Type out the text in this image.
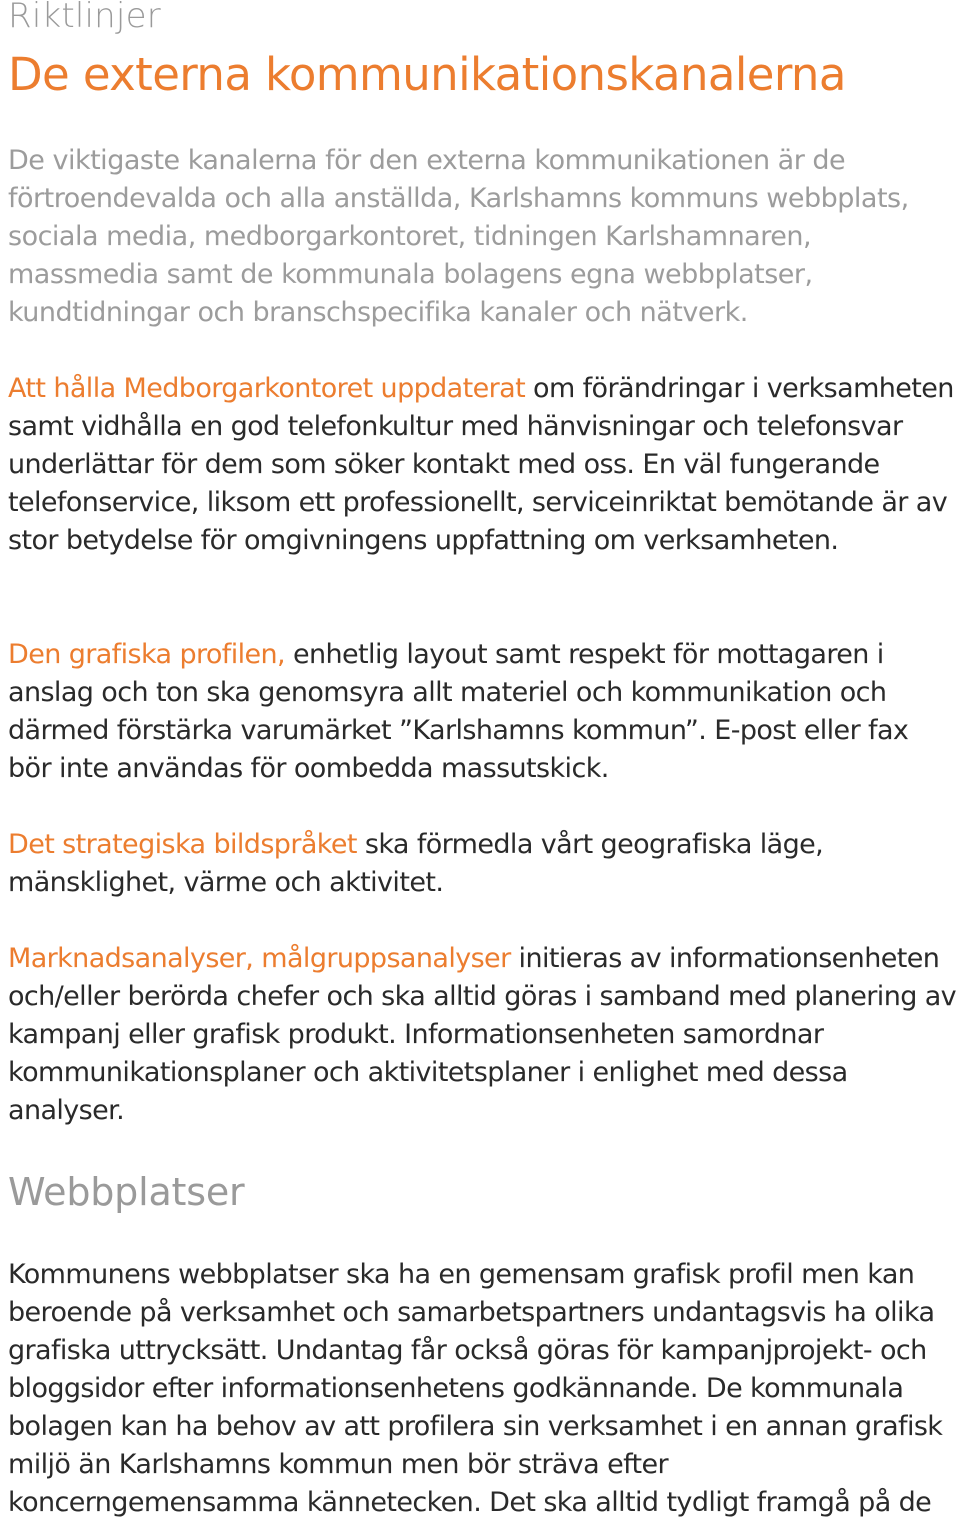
Riktlinjer
De externa kommunikationskanalerna

De viktigaste kanalerna för den externa kommunikationen är de förtroendevalda och alla anställda, Karlshamns kommuns webbplats, sociala media, medborgarkontoret, tidningen Karlshamnaren, massmedia samt de kommunala bolagens egna webbplatser, kundtidningar och branschspecifika kanaler och nätverk.

Att hålla Medborgarkontoret uppdaterat om förändringar i verksamheten samt vidhålla en god telefonkultur med hänvisningar och telefonsvar underlättar för dem som söker kontakt med oss. En väl fungerande telefonservice, liksom ett professionellt, serviceinriktat bemötande är av stor betydelse för omgivningens uppfattning om verksamheten.

Den grafiska profilen, enhetlig layout samt respekt för mottagaren i anslag och ton ska genomsyra allt materiel och kommunikation och därmed förstärka varumärket ”Karlshamns kommun”. E-post eller fax bör inte användas för oombedda massutskick.

Det strategiska bildspråket ska förmedla vårt geografiska läge, mänsklighet, värme och aktivitet.

Marknadsanalyser, målgruppsanalyser initieras av informationsenheten och/eller berörda chefer och ska alltid göras i samband med planering av kampanj eller grafisk produkt. Informationsenheten samordnar kommunikationsplaner och aktivitetsplaner i enlighet med dessa analyser.

Webbplatser

Kommunens webbplatser ska ha en gemensam grafisk profil men kan beroende på verksamhet och samarbetspartners undantagsvis ha olika grafiska uttrycksätt. Undantag får också göras för kampanjprojekt- och bloggsidor efter informationsenhetens godkännande. De kommunala bolagen kan ha behov av att profilera sin verksamhet i en annan grafisk miljö än Karlshamns kommun men bör sträva efter koncerngemensamma kännetecken. Det ska alltid tydligt framgå på de
